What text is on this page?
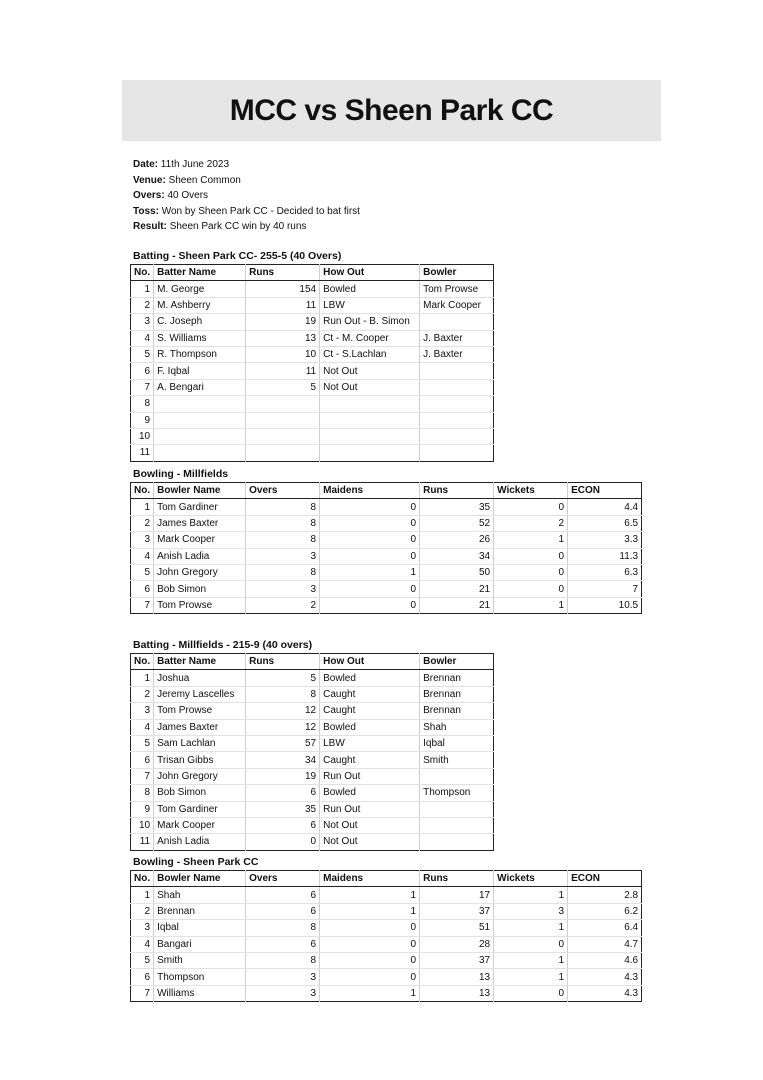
MCC vs Sheen Park CC
Date: 11th June 2023
Venue: Sheen Common
Overs: 40 Overs
Toss: Won by Sheen Park CC - Decided to bat first
Result: Sheen Park CC win by 40 runs
Batting - Sheen Park CC- 255-5 (40 Overs)
No.	Batter Name	Runs	How Out	Bowler
1	M. George	154	Bowled	Tom Prowse
2	M. Ashberry	11	LBW	Mark Cooper
3	C. Joseph	19	Run Out - B. Simon	
4	S. Williams	13	Ct - M. Cooper	J. Baxter
5	R. Thompson	10	Ct - S.Lachlan	J. Baxter
6	F. Iqbal	11	Not Out	
7	A. Bengari	5	Not Out	
8				
9				
10				
11				
Bowling - Millfields
No.	Bowler Name	Overs	Maidens	Runs	Wickets	ECON
1	Tom Gardiner	8	0	35	0	4.4
2	James Baxter	8	0	52	2	6.5
3	Mark Cooper	8	0	26	1	3.3
4	Anish Ladia	3	0	34	0	11.3
5	John Gregory	8	1	50	0	6.3
6	Bob Simon	3	0	21	0	7
7	Tom Prowse	2	0	21	1	10.5
Batting - Millfields - 215-9 (40 overs)
No.	Batter Name	Runs	How Out	Bowler
1	Joshua	5	Bowled	Brennan
2	Jeremy Lascelles	8	Caught	Brennan
3	Tom Prowse	12	Caught	Brennan
4	James Baxter	12	Bowled	Shah
5	Sam Lachlan	57	LBW	Iqbal
6	Trisan Gibbs	34	Caught	Smith
7	John Gregory	19	Run Out	
8	Bob Simon	6	Bowled	Thompson
9	Tom Gardiner	35	Run Out	
10	Mark Cooper	6	Not Out	
11	Anish Ladia	0	Not Out	
Bowling - Sheen Park CC
No.	Bowler Name	Overs	Maidens	Runs	Wickets	ECON
1	Shah	6	1	17	1	2.8
2	Brennan	6	1	37	3	6.2
3	Iqbal	8	0	51	1	6.4
4	Bangari	6	0	28	0	4.7
5	Smith	8	0	37	1	4.6
6	Thompson	3	0	13	1	4.3
7	Williams	3	1	13	0	4.3
